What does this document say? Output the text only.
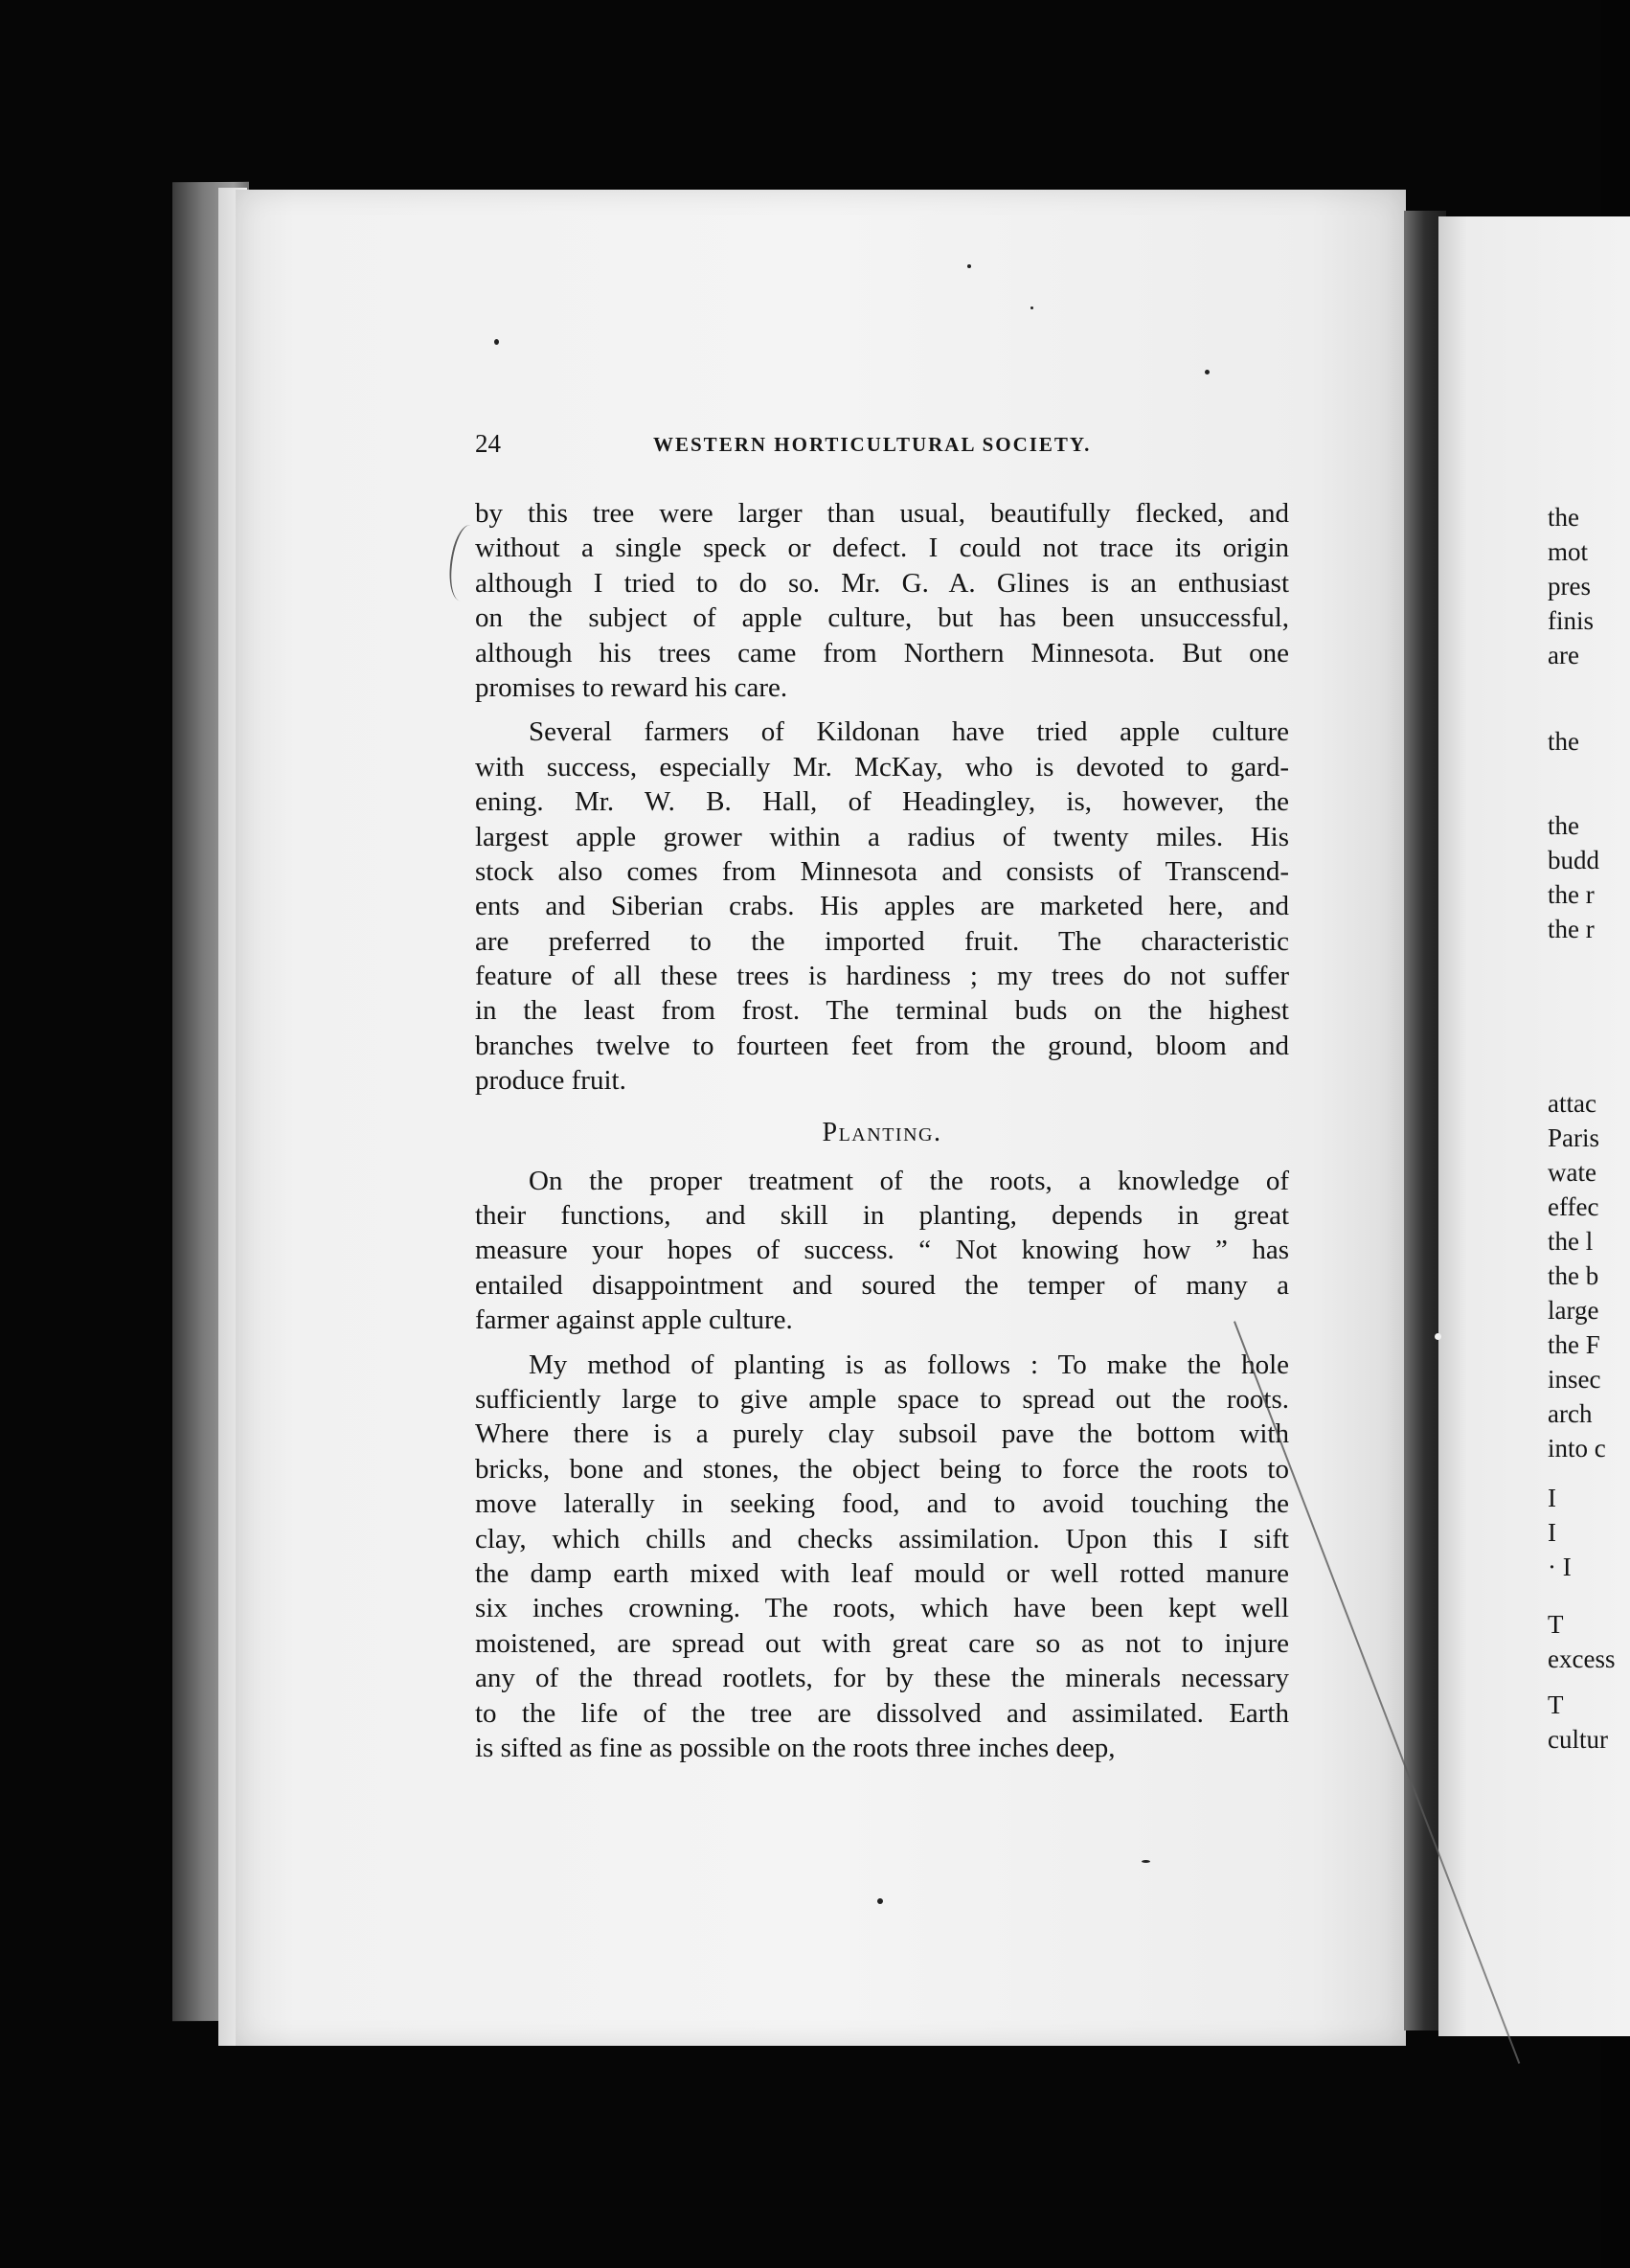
the
mot
pres
finis
are
the
the
budd
the r
the r
attac
Paris
wate
effec
the l
the b
large
the F
insec
arch
into c
I
I
· I
T
excess
T
cultur
24	WESTERN HORTICULTURAL SOCIETY.
by this tree were larger than usual, beautifully flecked, and
without a single speck or defect. I could not trace its origin
although I tried to do so. Mr. G. A. Glines is an enthusiast
on the subject of apple culture, but has been unsuccessful,
although his trees came from Northern Minnesota. But one
promises to reward his care.
Several farmers of Kildonan have tried apple culture
with success, especially Mr. McKay, who is devoted to gard-
ening. Mr. W. B. Hall, of Headingley, is, however, the
largest apple grower within a radius of twenty miles. His
stock also comes from Minnesota and consists of Transcend-
ents and Siberian crabs. His apples are marketed here, and
are preferred to the imported fruit. The characteristic
feature of all these trees is hardiness ; my trees do not suffer
in the least from frost. The terminal buds on the highest
branches twelve to fourteen feet from the ground, bloom and
produce fruit.
Planting.
On the proper treatment of the roots, a knowledge of
their functions, and skill in planting, depends in great
measure your hopes of success. “ Not knowing how ” has
entailed disappointment and soured the temper of many a
farmer against apple culture.
My method of planting is as follows : To make the hole
sufficiently large to give ample space to spread out the roots.
Where there is a purely clay subsoil pave the bottom with
bricks, bone and stones, the object being to force the roots to
move laterally in seeking food, and to avoid touching the
clay, which chills and checks assimilation. Upon this I sift
the damp earth mixed with leaf mould or well rotted manure
six inches crowning. The roots, which have been kept well
moistened, are spread out with great care so as not to injure
any of the thread rootlets, for by these the minerals necessary
to the life of the tree are dissolved and assimilated. Earth
is sifted as fine as possible on the roots three inches deep,
